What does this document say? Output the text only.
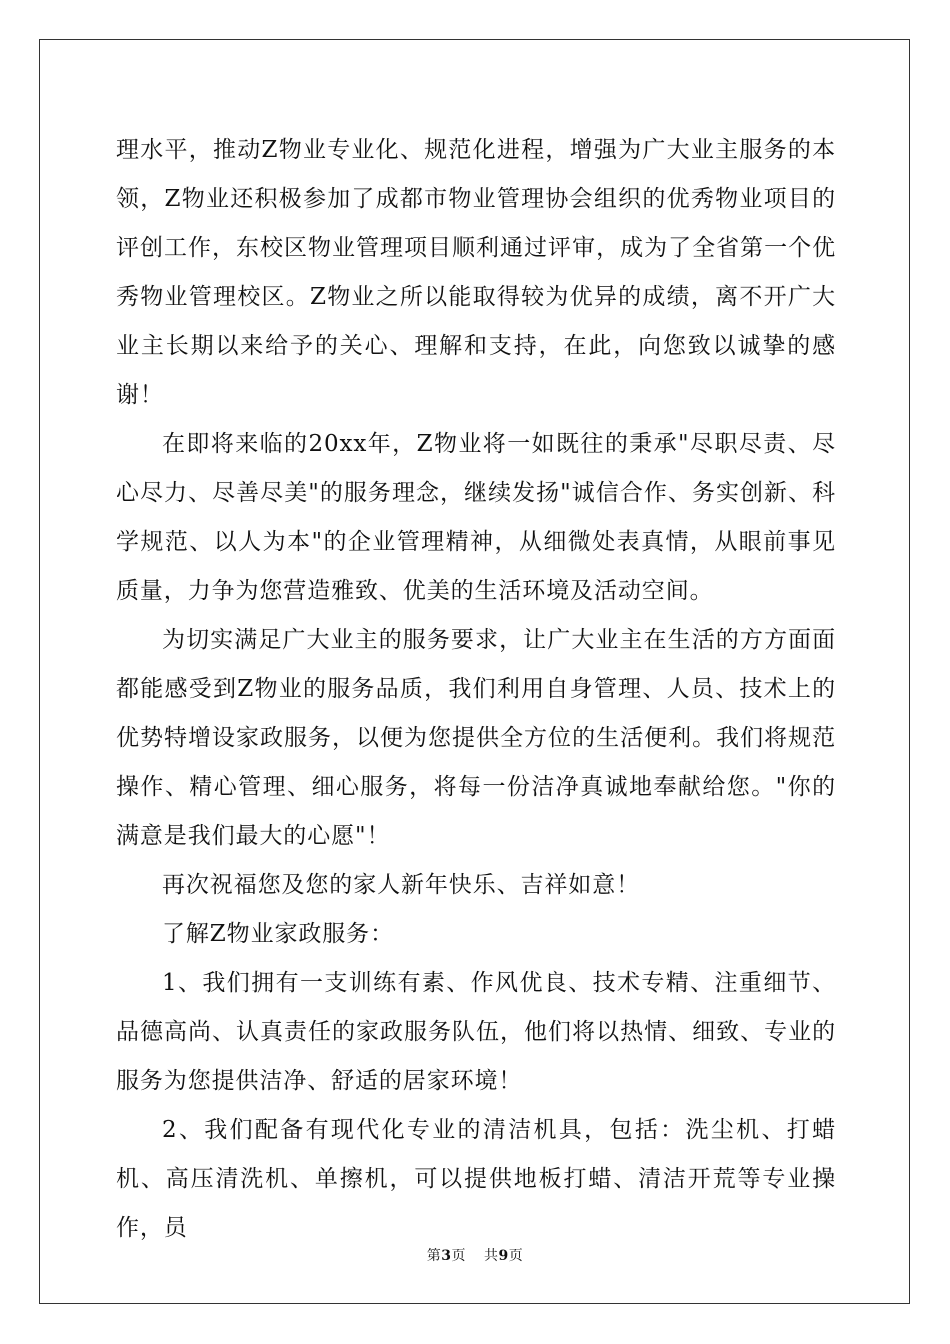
理水平，推动Z物业专业化、规范化进程，增强为广大业主服务的本领，Z物业还积极参加了成都市物业管理协会组织的优秀物业项目的评创工作，东校区物业管理项目顺利通过评审，成为了全省第一个优秀物业管理校区。Z物业之所以能取得较为优异的成绩，离不开广大业主长期以来给予的关心、理解和支持，在此，向您致以诚挚的感谢！

在即将来临的20xx年，Z物业将一如既往的秉承"尽职尽责、尽心尽力、尽善尽美"的服务理念，继续发扬"诚信合作、务实创新、科学规范、以人为本"的企业管理精神，从细微处表真情，从眼前事见质量，力争为您营造雅致、优美的生活环境及活动空间。

为切实满足广大业主的服务要求，让广大业主在生活的方方面面都能感受到Z物业的服务品质，我们利用自身管理、人员、技术上的优势特增设家政服务，以便为您提供全方位的生活便利。我们将规范操作、精心管理、细心服务，将每一份洁净真诚地奉献给您。"你的满意是我们最大的心愿"！

再次祝福您及您的家人新年快乐、吉祥如意！

了解Z物业家政服务：

1、我们拥有一支训练有素、作风优良、技术专精、注重细节、品德高尚、认真责任的家政服务队伍，他们将以热情、细致、专业的服务为您提供洁净、舒适的居家环境！

2、我们配备有现代化专业的清洁机具，包括：洗尘机、打蜡机、高压清洗机、单擦机，可以提供地板打蜡、清洁开荒等专业操作，员

第3页 共9页
